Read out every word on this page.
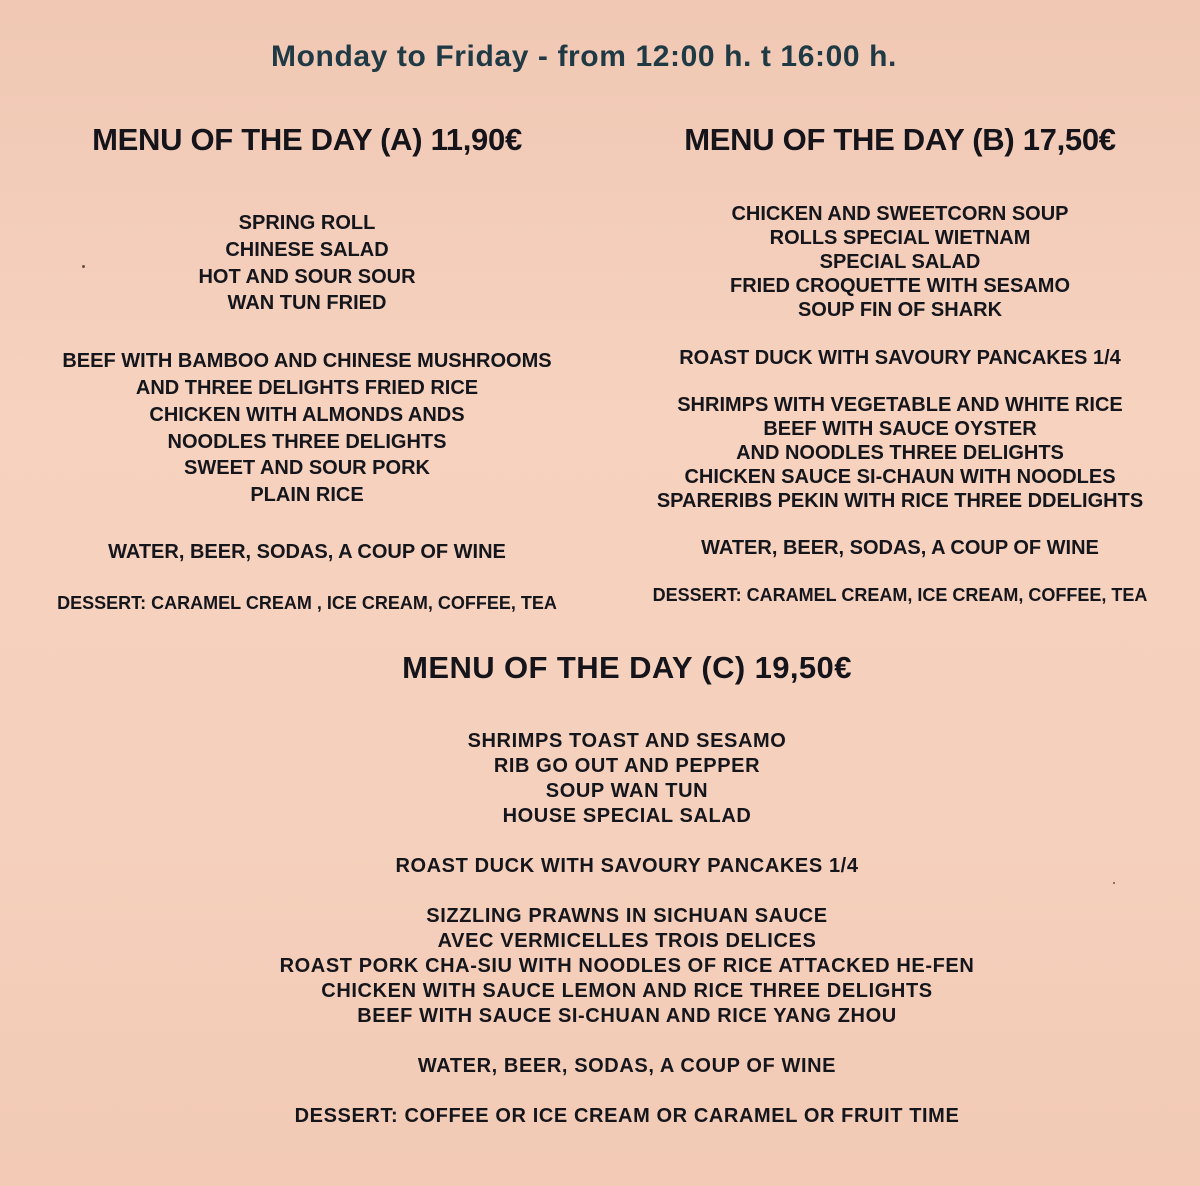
Monday to Friday - from 12:00 h. t 16:00 h.
MENU OF THE DAY (A) 11,90€
SPRING ROLL
CHINESE SALAD
HOT AND SOUR SOUR
WAN TUN FRIED
BEEF WITH BAMBOO AND CHINESE MUSHROOMS
AND THREE DELIGHTS FRIED RICE
CHICKEN WITH ALMONDS ANDS
NOODLES THREE DELIGHTS
SWEET AND SOUR PORK
PLAIN RICE
WATER, BEER, SODAS, A COUP OF WINE
DESSERT: CARAMEL CREAM , ICE CREAM, COFFEE, TEA
MENU OF THE DAY (B) 17,50€
CHICKEN AND SWEETCORN SOUP
ROLLS SPECIAL WIETNAM
SPECIAL SALAD
FRIED CROQUETTE WITH SESAMO
SOUP FIN OF SHARK
ROAST DUCK WITH SAVOURY PANCAKES 1/4
SHRIMPS WITH VEGETABLE AND WHITE RICE
BEEF WITH SAUCE OYSTER
AND NOODLES THREE DELIGHTS
CHICKEN SAUCE SI-CHAUN WITH NOODLES
SPARERIBS PEKIN WITH RICE THREE DDELIGHTS
WATER, BEER, SODAS, A COUP OF WINE
DESSERT: CARAMEL CREAM, ICE CREAM, COFFEE, TEA
MENU OF THE DAY (C) 19,50€
SHRIMPS TOAST AND SESAMO
RIB GO OUT AND PEPPER
SOUP WAN TUN
HOUSE SPECIAL SALAD
ROAST DUCK WITH SAVOURY PANCAKES 1/4
SIZZLING PRAWNS IN SICHUAN SAUCE
AVEC VERMICELLES TROIS DELICES
ROAST PORK CHA-SIU WITH NOODLES OF RICE ATTACKED HE-FEN
CHICKEN WITH SAUCE LEMON AND RICE THREE DELIGHTS
BEEF WITH SAUCE SI-CHUAN AND RICE YANG ZHOU
WATER, BEER, SODAS, A COUP OF WINE
DESSERT: COFFEE OR ICE CREAM OR CARAMEL OR FRUIT TIME
